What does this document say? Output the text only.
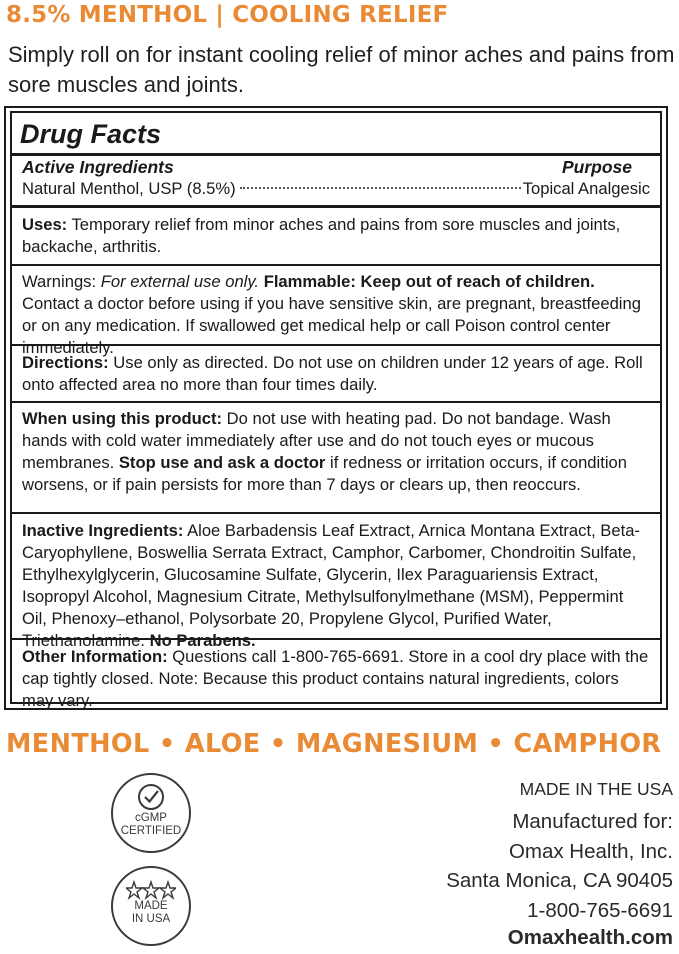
8.5% MENTHOL | COOLING RELIEF
Simply roll on for instant cooling relief of minor aches and pains from sore muscles and joints.
Drug Facts
Active Ingredients	Purpose
Natural Menthol, USP (8.5%)	Topical Analgesic
Uses: Temporary relief from minor aches and pains from sore muscles and joints, backache, arthritis.
Warnings: For external use only. Flammable: Keep out of reach of children.
Contact a doctor before using if you have sensitive skin, are pregnant, breastfeeding or on any medication. If swallowed get medical help or call Poison control center immediately.
Directions: Use only as directed. Do not use on children under 12 years of age. Roll onto affected area no more than four times daily.
When using this product: Do not use with heating pad. Do not bandage. Wash hands with cold water immediately after use and do not touch eyes or mucous membranes. Stop use and ask a doctor if redness or irritation occurs, if condition worsens, or if pain persists for more than 7 days or clears up, then reoccurs.
Inactive Ingredients: Aloe Barbadensis Leaf Extract, Arnica Montana Extract, Beta-Caryophyllene, Boswellia Serrata Extract, Camphor, Carbomer, Chondroitin Sulfate, Ethylhexylglycerin, Glucosamine Sulfate, Glycerin, Ilex Paraguariensis Extract, Isopropyl Alcohol, Magnesium Citrate, Methylsulfonylmethane (MSM), Peppermint Oil, Phenoxy–ethanol, Polysorbate 20, Propylene Glycol, Purified Water, Triethanolamine. No Parabens.
Other Information: Questions call 1-800-765-6691. Store in a cool dry place with the cap tightly closed. Note: Because this product contains natural ingredients, colors may vary.
MENTHOL • ALOE • MAGNESIUM • CAMPHOR
cGMP
CERTIFIED
MADE
IN USA
MADE IN THE USA
Manufactured for:
Omax Health, Inc.
Santa Monica, CA 90405
1-800-765-6691
Omaxhealth.com
